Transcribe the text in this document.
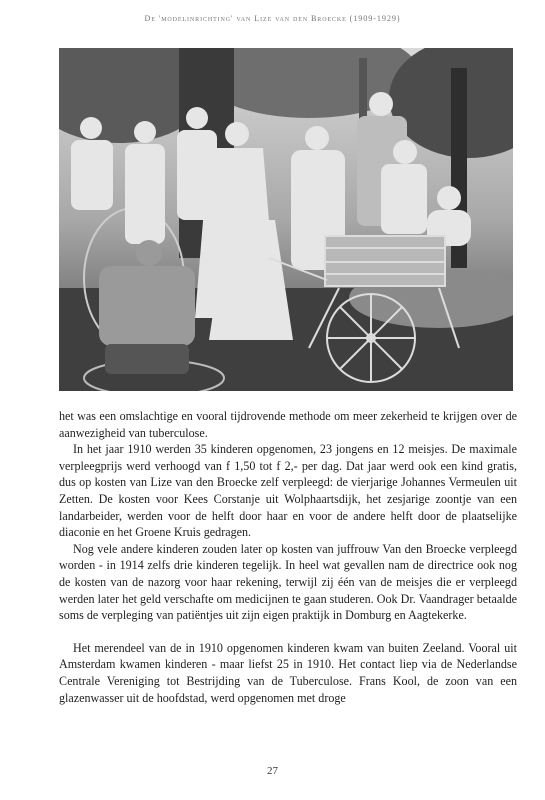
De 'modelinrichting' van Lize van den Broecke (1909-1929)

het was een omslachtige en vooral tijdrovende methode om meer zekerheid te krijgen over de aanwezigheid van tuberculose.

In het jaar 1910 werden 35 kinderen opgenomen, 23 jongens en 12 meisjes. De maximale verpleegprijs werd verhoogd van f 1,50 tot f 2,- per dag. Dat jaar werd ook een kind gratis, dus op kosten van Lize van den Broecke zelf verpleegd: de vierjarige Johannes Vermeulen uit Zetten. De kosten voor Kees Corstanje uit Wolphaartsdijk, het zesjarige zoontje van een landarbeider, werden voor de helft door haar en voor de andere helft door de plaatselijke diaconie en het Groene Kruis gedragen.

Nog vele andere kinderen zouden later op kosten van juffrouw Van den Broecke verpleegd worden - in 1914 zelfs drie kinderen tegelijk. In heel wat gevallen nam de directrice ook nog de kosten van de nazorg voor haar rekening, terwijl zij één van de meisjes die er verpleegd werden later het geld verschafte om medicijnen te gaan studeren. Ook Dr. Vaandrager betaalde soms de verpleging van patiëntjes uit zijn eigen praktijk in Domburg en Aagtekerke.

Het merendeel van de in 1910 opgenomen kinderen kwam van buiten Zeeland. Vooral uit Amsterdam kwamen kinderen - maar liefst 25 in 1910. Het contact liep via de Nederlandse Centrale Vereniging tot Bestrijding van de Tuberculose. Frans Kool, de zoon van een glazenwasser uit de hoofdstad, werd opgenomen met droge

27
